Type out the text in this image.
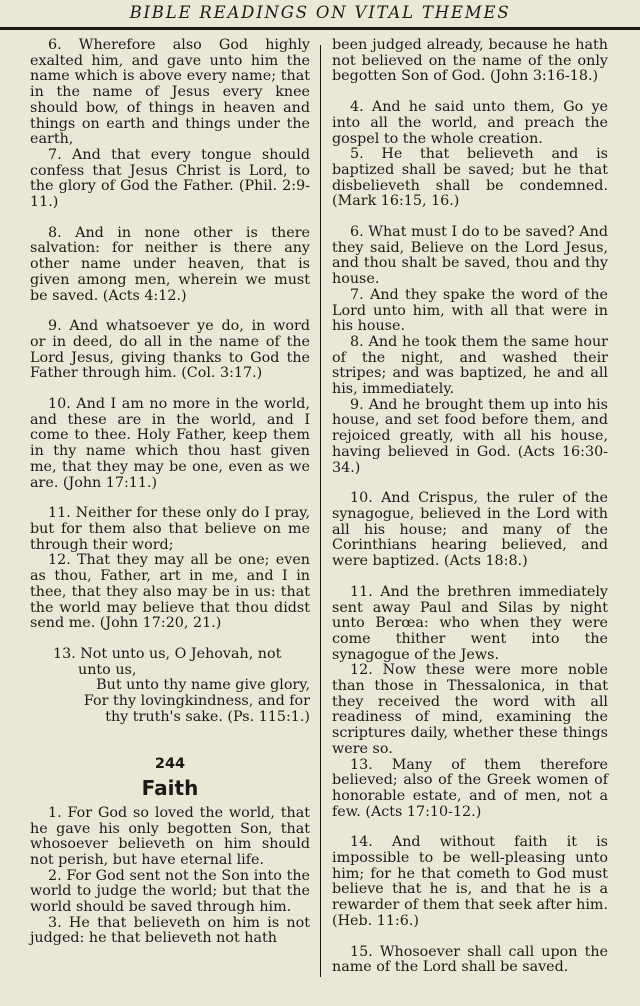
BIBLE READINGS ON VITAL THEMES

6. Wherefore also God highly exalted him, and gave unto him the name which is above every name; that in the name of Jesus every knee should bow, of things in heaven and things on earth and things under the earth,

7. And that every tongue should confess that Jesus Christ is Lord, to the glory of God the Father. (Phil. 2:9-11.)

8. And in none other is there salvation: for neither is there any other name under heaven, that is given among men, wherein we must be saved. (Acts 4:12.)

9. And whatsoever ye do, in word or in deed, do all in the name of the Lord Jesus, giving thanks to God the Father through him. (Col. 3:17.)

10. And I am no more in the world, and these are in the world, and I come to thee. Holy Father, keep them in thy name which thou hast given me, that they may be one, even as we are. (John 17:11.)

11. Neither for these only do I pray, but for them also that believe on me through their word;

12. That they may all be one; even as thou, Father, art in me, and I in thee, that they also may be in us: that the world may believe that thou didst send me. (John 17:20, 21.)

13. Not unto us, O Jehovah, not
unto us,
But unto thy name give glory,
For thy lovingkindness, and for
thy truth's sake. (Ps. 115:1.)
244
Faith

1. For God so loved the world, that he gave his only begotten Son, that whosoever believeth on him should not perish, but have eternal life.

2. For God sent not the Son into the world to judge the world; but that the world should be saved through him.

3. He that believeth on him is not judged: he that believeth not hath

been judged already, because he hath not believed on the name of the only begotten Son of God. (John 3:16-18.)

4. And he said unto them, Go ye into all the world, and preach the gospel to the whole creation.

5. He that believeth and is baptized shall be saved; but he that disbelieveth shall be condemned. (Mark 16:15, 16.)

6. What must I do to be saved? And they said, Believe on the Lord Jesus, and thou shalt be saved, thou and thy house.

7. And they spake the word of the Lord unto him, with all that were in his house.

8. And he took them the same hour of the night, and washed their stripes; and was baptized, he and all his, immediately.

9. And he brought them up into his house, and set food before them, and rejoiced greatly, with all his house, having believed in God. (Acts 16:30-34.)

10. And Crispus, the ruler of the synagogue, believed in the Lord with all his house; and many of the Corinthians hearing believed, and were baptized. (Acts 18:8.)

11. And the brethren immediately sent away Paul and Silas by night unto Berœa: who when they were come thither went into the synagogue of the Jews.

12. Now these were more noble than those in Thessalonica, in that they received the word with all readiness of mind, examining the scriptures daily, whether these things were so.

13. Many of them therefore believed; also of the Greek women of honorable estate, and of men, not a few. (Acts 17:10-12.)

14. And without faith it is impossible to be well-pleasing unto him; for he that cometh to God must believe that he is, and that he is a rewarder of them that seek after him. (Heb. 11:6.)

15. Whosoever shall call upon the name of the Lord shall be saved.
